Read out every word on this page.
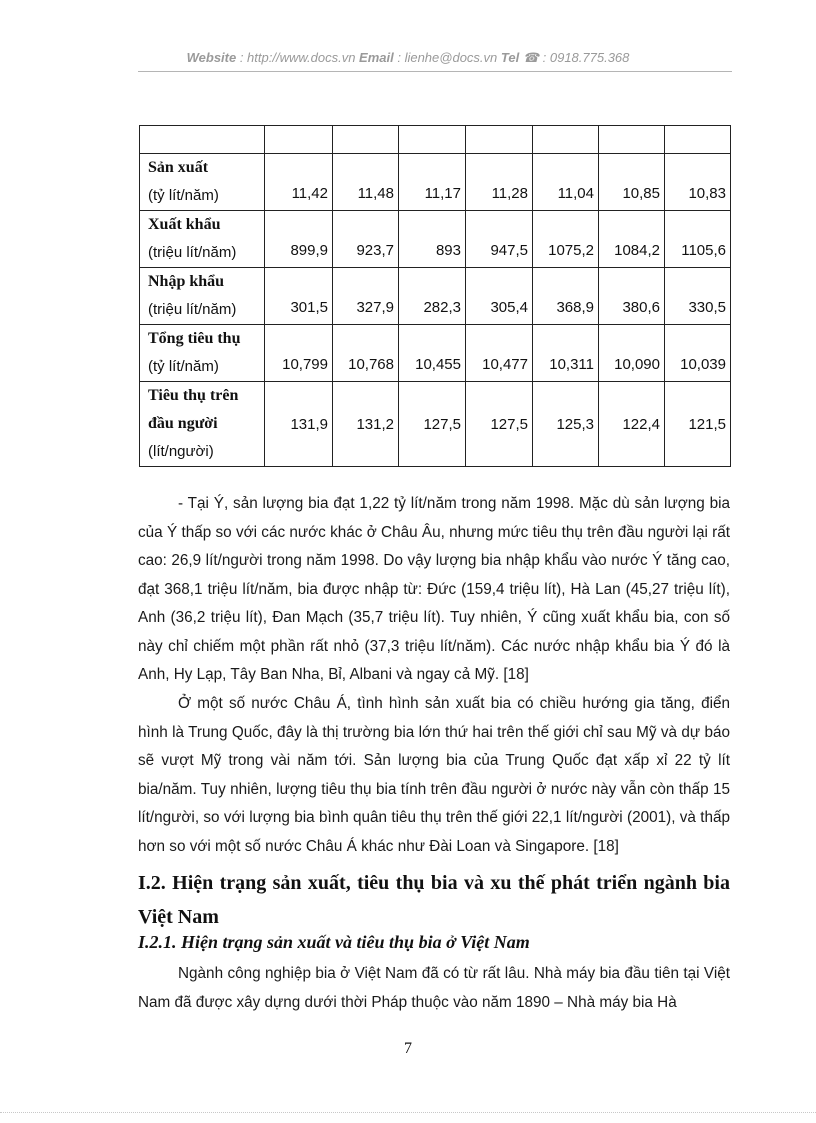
Website : http://www.docs.vn Email : lienhe@docs.vn Tel ☎ : 0918.775.368

Sản xuất
(tỷ lít/năm)	11,42	11,48	11,17	11,28	11,04	10,85	10,83
Xuất khẩu
(triệu lít/năm)	899,9	923,7	893	947,5	1075,2	1084,2	1105,6
Nhập khẩu
(triệu lít/năm)	301,5	327,9	282,3	305,4	368,9	380,6	330,5
Tổng tiêu thụ
(tỷ lít/năm)	10,799	10,768	10,455	10,477	10,311	10,090	10,039
Tiêu thụ trên
đầu người
(lít/người)	131,9	131,2	127,5	127,5	125,3	122,4	121,5

- Tại Ý, sản lượng bia đạt 1,22 tỷ lít/năm trong năm 1998. Mặc dù sản lượng bia của Ý thấp so với các nước khác ở Châu Âu, nhưng mức tiêu thụ trên đầu người lại rất cao: 26,9 lít/người trong năm 1998. Do vậy lượng bia nhập khẩu vào nước Ý tăng cao, đạt 368,1 triệu lít/năm, bia được nhập từ: Đức (159,4 triệu lít), Hà Lan (45,27 triệu lít), Anh (36,2 triệu lít), Đan Mạch (35,7 triệu lít). Tuy nhiên, Ý cũng xuất khẩu bia, con số này chỉ chiếm một phần rất nhỏ (37,3 triệu lít/năm). Các nước nhập khẩu bia Ý đó là Anh, Hy Lạp, Tây Ban Nha, Bỉ, Albani và ngay cả Mỹ. [18]

Ở một số nước Châu Á, tình hình sản xuất bia có chiều hướng gia tăng, điển hình là Trung Quốc, đây là thị trường bia lớn thứ hai trên thế giới chỉ sau Mỹ và dự báo sẽ vượt Mỹ trong vài năm tới. Sản lượng bia của Trung Quốc đạt xấp xỉ 22 tỷ lít bia/năm. Tuy nhiên, lượng tiêu thụ bia tính trên đầu người ở nước này vẫn còn thấp 15 lít/người, so với lượng bia bình quân tiêu thụ trên thế giới 22,1 lít/người (2001), và thấp hơn so với một số nước Châu Á khác như Đài Loan và Singapore. [18]

I.2. Hiện trạng sản xuất, tiêu thụ bia và xu thế phát triển ngành bia Việt Nam
I.2.1. Hiện trạng sản xuất và tiêu thụ bia ở Việt Nam

Ngành công nghiệp bia ở Việt Nam đã có từ rất lâu. Nhà máy bia đầu tiên tại Việt Nam đã được xây dựng dưới thời Pháp thuộc vào năm 1890 – Nhà máy bia Hà

7
